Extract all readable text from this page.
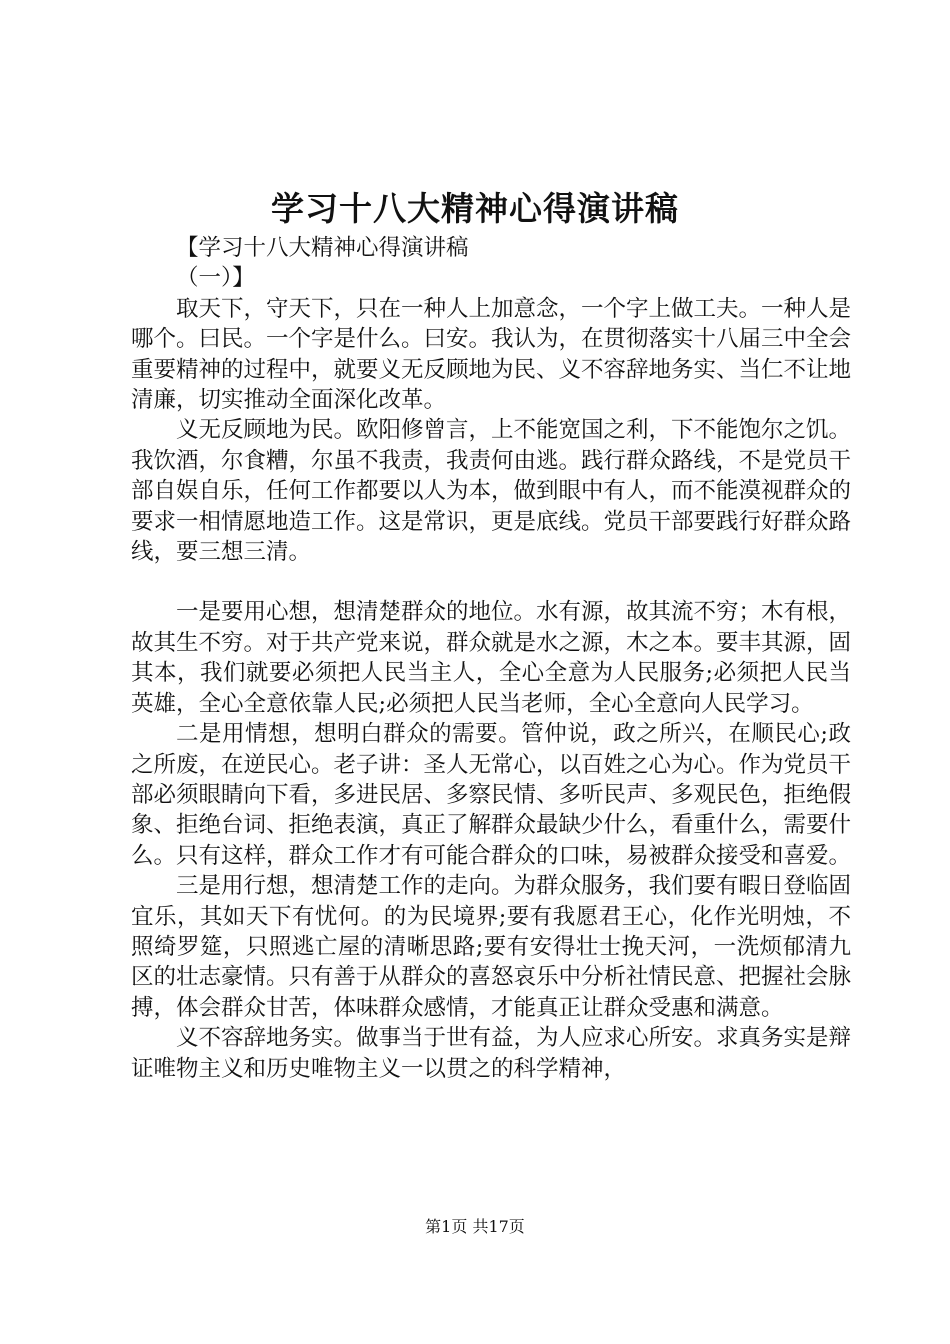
学习十八大精神心得演讲稿

【学习十八大精神心得演讲稿

（一）】

取天下，守天下，只在一种人上加意念，一个字上做工夫。一种人是哪个。曰民。一个字是什么。曰安。我认为，在贯彻落实十八届三中全会重要精神的过程中，就要义无反顾地为民、义不容辞地务实、当仁不让地清廉，切实推动全面深化改革。

义无反顾地为民。欧阳修曾言，上不能宽国之利，下不能饱尔之饥。我饮酒，尔食糟，尔虽不我责，我责何由逃。践行群众路线，不是党员干部自娱自乐，任何工作都要以人为本，做到眼中有人，而不能漠视群众的要求一相情愿地造工作。这是常识，更是底线。党员干部要践行好群众路线，要三想三清。

一是要用心想，想清楚群众的地位。水有源，故其流不穷；木有根，故其生不穷。对于共产党来说，群众就是水之源，木之本。要丰其源，固其本，我们就要必须把人民当主人，全心全意为人民服务;必须把人民当英雄，全心全意依靠人民;必须把人民当老师，全心全意向人民学习。

二是用情想，想明白群众的需要。管仲说，政之所兴，在顺民心;政之所废，在逆民心。老子讲：圣人无常心，以百姓之心为心。作为党员干部必须眼睛向下看，多进民居、多察民情、多听民声、多观民色，拒绝假象、拒绝台词、拒绝表演，真正了解群众最缺少什么，看重什么，需要什么。只有这样，群众工作才有可能合群众的口味，易被群众接受和喜爱。

三是用行想，想清楚工作的走向。为群众服务，我们要有暇日登临固宜乐，其如天下有忧何。的为民境界;要有我愿君王心，化作光明烛，不照绮罗筵，只照逃亡屋的清晰思路;要有安得壮士挽天河，一洗烦郁清九区的壮志豪情。只有善于从群众的喜怒哀乐中分析社情民意、把握社会脉搏，体会群众甘苦，体味群众感情，才能真正让群众受惠和满意。

义不容辞地务实。做事当于世有益，为人应求心所安。求真务实是辩证唯物主义和历史唯物主义一以贯之的科学精神，

第1页 共17页
